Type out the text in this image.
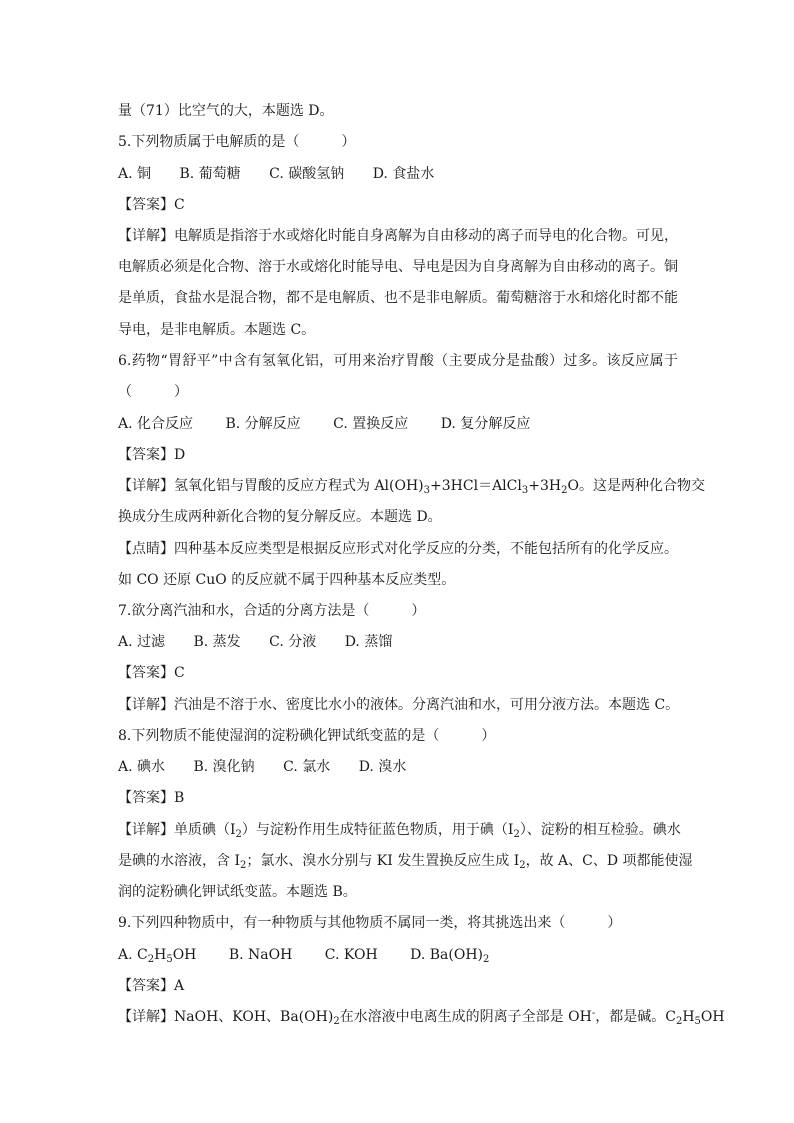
量（71）比空气的大，本题选 D。
5.下列物质属于电解质的是（　　　）
A. 铜 B. 葡萄糖 C. 碳酸氢钠 D. 食盐水
【答案】C
【详解】电解质是指溶于水或熔化时能自身离解为自由移动的离子而导电的化合物。可见，
电解质必须是化合物、溶于水或熔化时能导电、导电是因为自身离解为自由移动的离子。铜
是单质，食盐水是混合物，都不是电解质、也不是非电解质。葡萄糖溶于水和熔化时都不能
导电，是非电解质。本题选 C。
6.药物“胃舒平”中含有氢氧化铝，可用来治疗胃酸（主要成分是盐酸）过多。该反应属于
（　　　）
A. 化合反应 B. 分解反应 C. 置换反应 D. 复分解反应
【答案】D
【详解】氢氧化铝与胃酸的反应方程式为 $Al(OH)_3+3HCl=AlCl_3+3H_2O$。这是两种化合物交
换成分生成两种新化合物的复分解反应。本题选 D。
【点睛】四种基本反应类型是根据反应形式对化学反应的分类，不能包括所有的化学反应。
如 CO 还原 CuO 的反应就不属于四种基本反应类型。
7.欲分离汽油和水，合适的分离方法是（　　　）
A. 过滤 B. 蒸发 C. 分液 D. 蒸馏
【答案】C
【详解】汽油是不溶于水、密度比水小的液体。分离汽油和水，可用分液方法。本题选 C。
8.下列物质不能使湿润的淀粉碘化钾试纸变蓝的是（　　　）
A. 碘水 B. 溴化钠 C. 氯水 D. 溴水
【答案】B
【详解】单质碘$(I_2)$与淀粉作用生成特征蓝色物质，用于碘$(I_2)$、淀粉的相互检验。碘水
是碘的水溶液，含 $I_2$；氯水、溴水分别与 KI 发生置换反应生成 $I_2$，故 A、C、D 项都能使湿
润的淀粉碘化钾试纸变蓝。本题选 B。
9.下列四种物质中，有一种物质与其他物质不属同一类，将其挑选出来（　　　）
A. $C_2H_5OH$ B. NaOH C. KOH D. $Ba(OH)_2$
【答案】A
【详解】NaOH、KOH、$Ba(OH)_2$在水溶液中电离生成的阴离子全部是 OH-，都是碱。$C_2H_5OH$
